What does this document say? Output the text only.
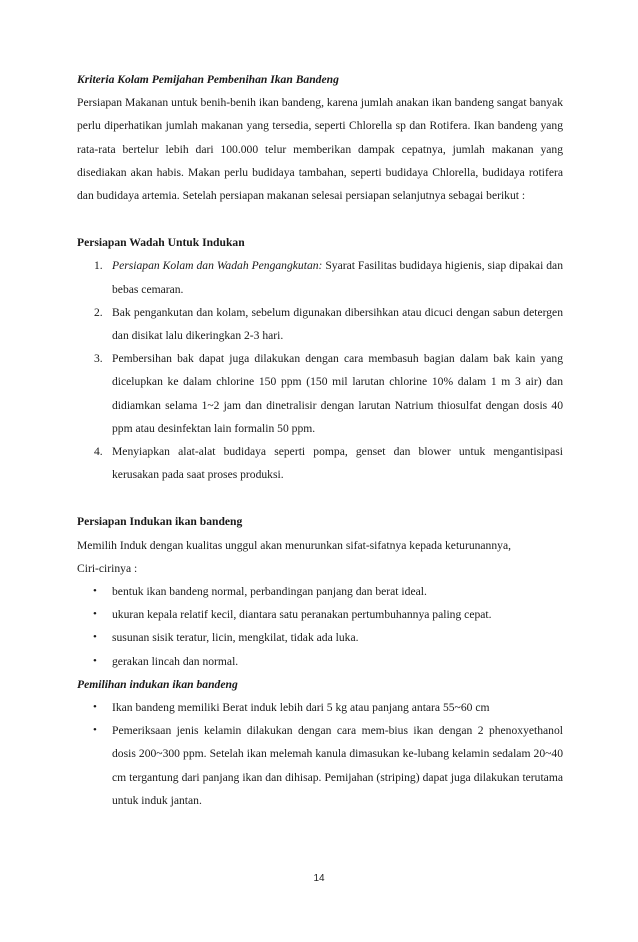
Kriteria Kolam Pemijahan Pembenihan Ikan Bandeng

Persiapan Makanan untuk benih-benih ikan bandeng, karena jumlah anakan ikan bandeng sangat banyak perlu diperhatikan jumlah makanan yang tersedia, seperti Chlorella sp dan Rotifera. Ikan bandeng yang rata-rata bertelur lebih dari 100.000 telur memberikan dampak cepatnya, jumlah makanan yang disediakan akan habis. Makan perlu budidaya tambahan, seperti budidaya Chlorella, budidaya rotifera dan budidaya artemia. Setelah persiapan makanan selesai persiapan selanjutnya sebagai berikut :

Persiapan Wadah Untuk Indukan

1. Persiapan Kolam dan Wadah Pengangkutan: Syarat Fasilitas budidaya higienis, siap dipakai dan bebas cemaran.
2. Bak pengankutan dan kolam, sebelum digunakan dibersihkan atau dicuci dengan sabun detergen dan disikat lalu dikeringkan 2-3 hari.
3. Pembersihan bak dapat juga dilakukan dengan cara membasuh bagian dalam bak kain yang dicelupkan ke dalam chlorine 150 ppm (150 mil larutan chlorine 10% dalam 1 m 3 air) dan didiamkan selama 1~2 jam dan dinetralisir dengan larutan Natrium thiosulfat dengan dosis 40 ppm atau desinfektan lain formalin 50 ppm.
4. Menyiapkan alat-alat budidaya seperti pompa, genset dan blower untuk mengantisipasi kerusakan pada saat proses produksi.

Persiapan Indukan ikan bandeng

Memilih Induk dengan kualitas unggul akan menurunkan sifat-sifatnya kepada keturunannya,

Ciri-cirinya :

• bentuk ikan bandeng normal, perbandingan panjang dan berat ideal.
• ukuran kepala relatif kecil, diantara satu peranakan pertumbuhannya paling cepat.
• susunan sisik teratur, licin, mengkilat, tidak ada luka.
• gerakan lincah dan normal.

Pemilihan indukan ikan bandeng

• Ikan bandeng memiliki Berat induk lebih dari 5 kg atau panjang antara 55~60 cm
• Pemeriksaan jenis kelamin dilakukan dengan cara mem-bius ikan dengan 2 phenoxyethanol dosis 200~300 ppm. Setelah ikan melemah kanula dimasukan ke-lubang kelamin sedalam 20~40 cm tergantung dari panjang ikan dan dihisap. Pemijahan (striping) dapat juga dilakukan terutama untuk induk jantan.
14
